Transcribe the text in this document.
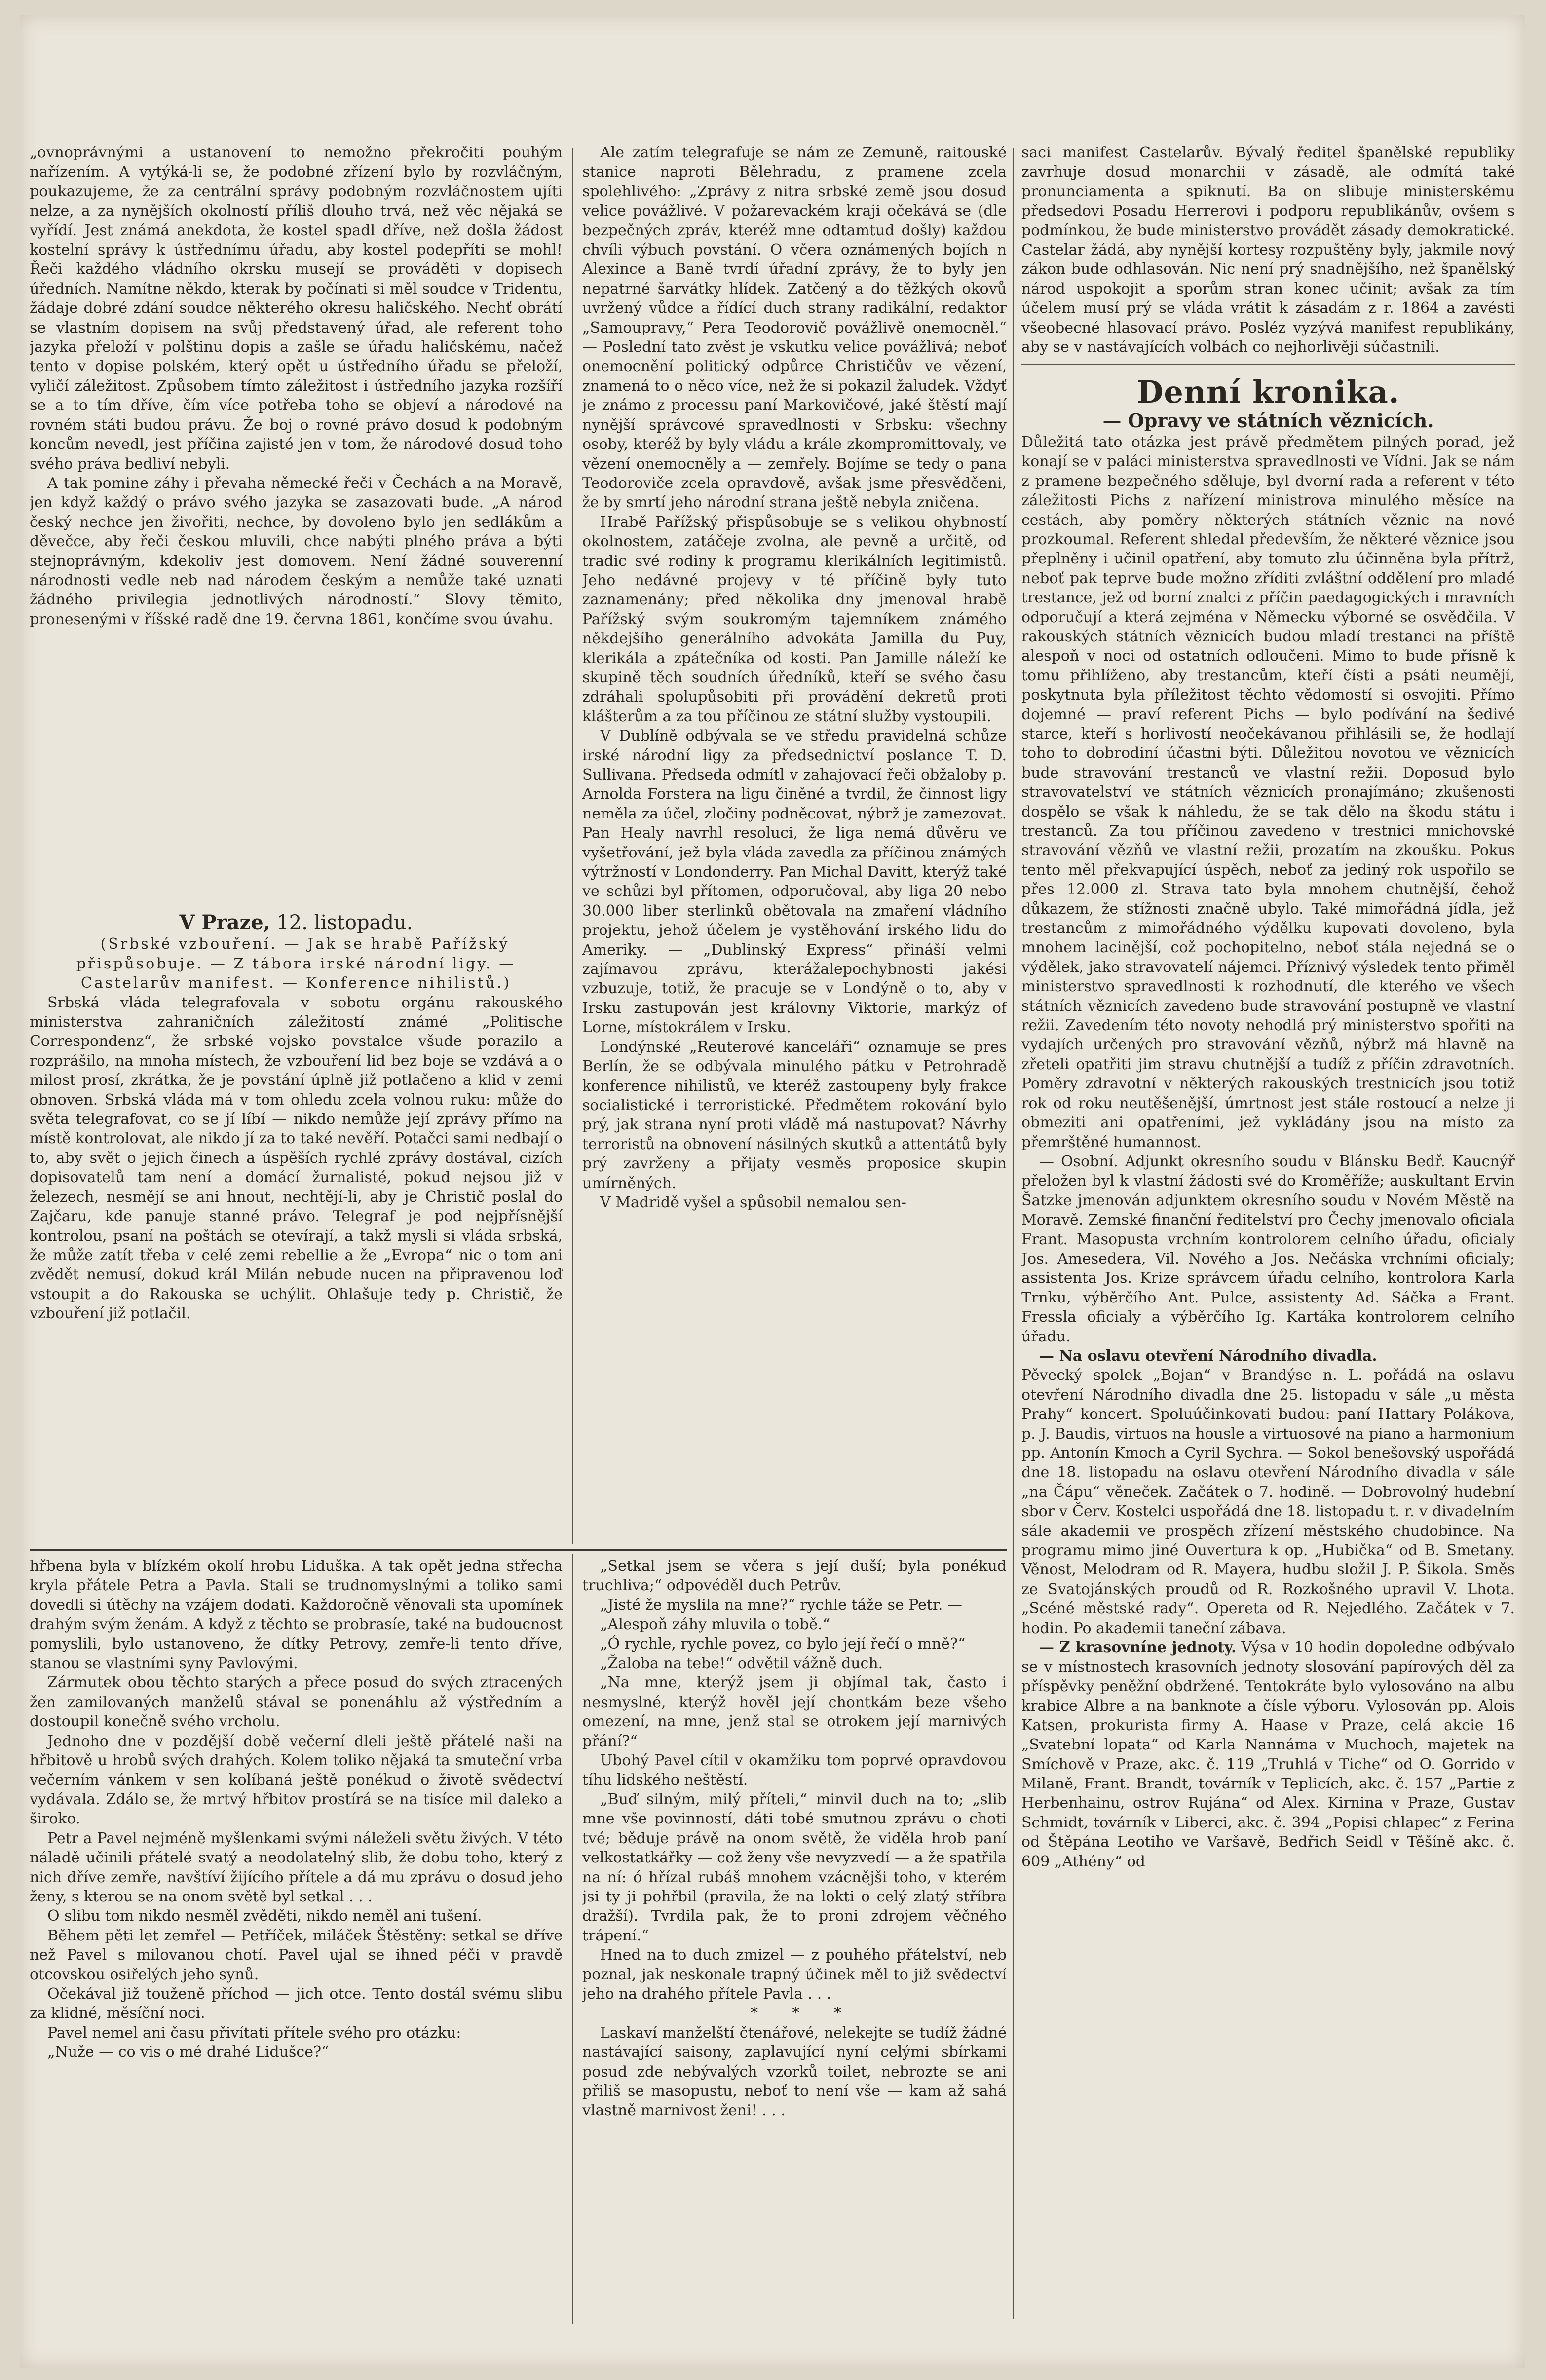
„ovnoprávnými a ustanovení to nemožno překročiti pouhým nařízením. A vytýká-li se, že podobné zřízení bylo by rozvláčným, poukazujeme, že za centrální správy podobným rozvláčnostem ujíti nelze, a za nynějších okolností příliš dlouho trvá, než věc nějaká se vyřídí. Jest známá anekdota, že kostel spadl dříve, než došla žádost kostelní správy k ústřednímu úřadu, aby kostel podepříti se mohl! Řeči každého vládního okrsku musejí se prováděti v dopisech úředních. Namítne někdo, kterak by počínati si měl soudce v Tridentu, žádaje dobré zdání soudce některého okresu haličského. Nechť obrátí se vlastním dopisem na svůj představený úřad, ale referent toho jazyka přeloží v polštinu dopis a zašle se úřadu haličskému, načež tento v dopise polském, který opět u ústředního úřadu se přeloží, vyličí záležitost. Způsobem tímto záležitost i ústředního jazyka rozšíří se a to tím dříve, čím více potřeba toho se objeví a národové na rovném státi budou právu. Že boj o rovné právo dosud k podobným koncům nevedl, jest příčina zajisté jen v tom, že národové dosud toho svého práva bedliví nebyli.

A tak pomine záhy i převaha německé řeči v Čechách a na Moravě, jen když každý o právo svého jazyka se zasazovati bude. „A národ český nechce jen živořiti, nechce, by dovoleno bylo jen sedlákům a děvečce, aby řeči českou mluvili, chce nabýti plného práva a býti stejnoprávným, kdekoliv jest domovem. Není žádné souverenní národnosti vedle neb nad národem českým a nemůže také uznati žádného privilegia jednotlivých národností.“ Slovy těmito, pronesenými v říšské radě dne 19. června 1861, končíme svou úvahu.

V Praze, 12. listopadu.

(Srbské vzbouření. — Jak se hrabě Pařížský přispůsobuje. — Z tábora irské národní ligy. — Castelarův manifest. — Konference nihilistů.)

Srbská vláda telegrafovala v sobotu orgánu rakouského ministerstva zahraničních záležitostí známé „Politische Correspondenz“, že srbské vojsko povstalce všude porazilo a rozprášilo, na mnoha místech, že vzbouření lid bez boje se vzdává a o milost prosí, zkrátka, že je povstání úplně již potlačeno a klid v zemi obnoven. Srbská vláda má v tom ohledu zcela volnou ruku: může do světa telegrafovat, co se jí líbí — nikdo nemůže její zprávy přímo na místě kontrolovat, ale nikdo jí za to také nevěří. Potačci sami nedbají o to, aby svět o jejich činech a úspěších rychlé zprávy dostával, cizích dopisovatelů tam není a domácí žurnalisté, pokud nejsou již v železech, nesmějí se ani hnout, nechtějí-li, aby je Christič poslal do Zajčaru, kde panuje stanné právo. Telegraf je pod nejpřísnější kontrolou, psaní na poštách se otevírají, a takž mysli si vláda srbská, že může zatít třeba v celé zemi rebellie a že „Evropa“ nic o tom ani zvědět nemusí, dokud král Milán nebude nucen na připravenou loď vstoupit a do Rakouska se uchýlit. Ohlašuje tedy p. Christič, že vzbouření již potlačil.

Ale zatím telegrafuje se nám ze Zemuně, raitouské stanice naproti Bělehradu, z pramene zcela spolehlivého: „Zprávy z nitra srbské země jsou dosud velice povážlivé. V požarevackém kraji očekává se (dle bezpečných zpráv, kteréž mne odtamtud došly) každou chvíli výbuch povstání. O včera oznámených bojích n Alexince a Baně tvrdí úřadní zprávy, že to byly jen nepatrné šarvátky hlídek. Zatčený a do těžkých okovů uvržený vůdce a řídící duch strany radikální, redaktor „Samoupravy,“ Pera Teodorovič povážlivě onemocněl.“ — Poslední tato zvěst je vskutku velice povážlivá; neboť onemocnění politický odpůrce Christičův ve vězení, znamená to o něco více, než že si pokazil žaludek. Vždyť je známo z processu paní Markovičové, jaké štěstí mají nynější správcové spravedlnosti v Srbsku: všechny osoby, kteréž by byly vládu a krále zkompromittovaly, ve vězení onemocněly a — zemřely. Bojíme se tedy o pana Teodoroviče zcela opravdově, avšak jsme přesvědčeni, že by smrtí jeho národní strana ještě nebyla zničena.

Hrabě Pařížský přispůsobuje se s velikou ohybností okolnostem, zatáčeje zvolna, ale pevně a určitě, od tradic své rodiny k programu klerikálních legitimistů. Jeho nedávné projevy v té příčině byly tuto zaznamenány; před několika dny jmenoval hrabě Pařížský svým soukromým tajemníkem známého někdejšího generálního advokáta Jamilla du Puy, klerikála a zpátečníka od kosti. Pan Jamille náleží ke skupině těch soudních úředníků, kteří se svého času zdráhali spolupůsobiti při provádění dekretů proti klášterům a za tou příčinou ze státní služby vystoupili.

V Dublíně odbývala se ve středu pravidelná schůze irské národní ligy za předsednictví poslance T. D. Sullivana. Předseda odmítl v zahajovací řeči obžaloby p. Arnolda Forstera na ligu činěné a tvrdil, že činnost ligy neměla za účel, zločiny podněcovat, nýbrž je zamezovat. Pan Healy navrhl resoluci, že liga nemá důvěru ve vyšetřování, jež byla vláda zavedla za příčinou známých výtržností v Londonderry. Pan Michal Davitt, kterýž také ve schůzi byl přítomen, odporučoval, aby liga 20 nebo 30.000 liber sterlinků obětovala na zmaření vládního projektu, jehož účelem je vystěhování irského lidu do Ameriky. — „Dublinský Express“ přináší velmi zajímavou zprávu, kterážalepochybnosti jakési vzbuzuje, totiž, že pracuje se v Londýně o to, aby v Irsku zastupován jest královny Viktorie, markýz of Lorne, místokrálem v Irsku.

Londýnské „Reuterové kanceláři“ oznamuje se pres Berlín, že se odbývala minulého pátku v Petrohradě konference nihilistů, ve kteréž zastoupeny byly frakce socialistické i terroristické. Předmětem rokování bylo prý, jak strana nyní proti vládě má nastupovat? Návrhy terroristů na obnovení násilných skutků a attentátů byly prý zavrženy a přijaty vesměs proposice skupin umírněných.

V Madridě vyšel a spůsobil nemalou sen-

saci manifest Castelarův. Bývalý ředitel španělské republiky zavrhuje dosud monarchii v zásadě, ale odmítá také pronunciamenta a spiknutí. Ba on slibuje ministerskému předsedovi Posadu Herrerovi i podporu republikánův, ovšem s podmínkou, že bude ministerstvo provádět zásady demokratické. Castelar žádá, aby nynější kortesy rozpuštěny byly, jakmile nový zákon bude odhlasován. Nic není prý snadnějšího, než španělský národ uspokojit a sporům stran konec učinit; avšak za tím účelem musí prý se vláda vrátit k zásadám z r. 1864 a zavésti všeobecné hlasovací právo. Posléz vyzývá manifest republikány, aby se v nastávajících volbách co nejhorlivěji súčastnili.

Denní kronika.
— Opravy ve státních věznicích.

Důležitá tato otázka jest právě předmětem pilných porad, jež konají se v paláci ministerstva spravedlnosti ve Vídni. Jak se nám z pramene bezpečného sděluje, byl dvorní rada a referent v této záležitosti Pichs z nařízení ministrova minulého měsíce na cestách, aby poměry některých státních věznic na nové prozkoumal. Referent shledal především, že některé věznice jsou přeplněny i učinil opatření, aby tomuto zlu účinněna byla přítrž, neboť pak teprve bude možno zříditi zvláštní oddělení pro mladé trestance, jež od borní znalci z příčin paedagogických i mravních odporučují a která zejména v Německu výborné se osvědčila. V rakouských státních věznicích budou mladí trestanci na příště alespoň v noci od ostatních odloučeni. Mimo to bude přísně k tomu přihlíženo, aby trestancům, kteří čísti a psáti neumějí, poskytnuta byla příležitost těchto vědomostí si osvojiti. Přímo dojemné — praví referent Pichs — bylo podívání na šedivé starce, kteří s horlivostí neočekávanou přihlásili se, že hodlají toho to dobrodiní účastni býti. Důležitou novotou ve věznicích bude stravování trestanců ve vlastní režii. Doposud bylo stravovatelství ve státních věznicích pronajímáno; zkušenosti dospělo se však k náhledu, že se tak dělo na škodu státu i trestanců. Za tou příčinou zavedeno v trestnici mnichovské stravování vězňů ve vlastní režii, prozatím na zkoušku. Pokus tento měl překvapující úspěch, neboť za jediný rok uspořilo se přes 12.000 zl. Strava tato byla mnohem chutnější, čehož důkazem, že stížnosti značně ubylo. Také mimořádná jídla, jež trestancům z mimořádného výdělku kupovati dovoleno, byla mnohem lacinější, což pochopitelno, neboť stála nejedná se o výdělek, jako stravovatelí nájemci. Příznivý výsledek tento přiměl ministerstvo spravedlnosti k rozhodnutí, dle kterého ve všech státních věznicích zavedeno bude stravování postupně ve vlastní režii. Zavedením této novoty nehodlá prý ministerstvo spořiti na vydajích určených pro stravování vězňů, nýbrž má hlavně na zřeteli opatřiti jim stravu chutnější a tudíž z příčin zdravotních. Poměry zdravotní v některých rakouských trestnicích jsou totiž rok od roku neutěšenější, úmrtnost jest stále rostoucí a nelze ji obmeziti ani opatřeními, jež vykládány jsou na místo za přemrštěné humannost.

— Osobní. Adjunkt okresního soudu v Blánsku Bedř. Kaucnýř přeložen byl k vlastní žádosti své do Kroměříže; auskultant Ervin Šatzke jmenován adjunktem okresního soudu v Novém Městě na Moravě. Zemské finanční ředitelství pro Čechy jmenovalo oficiala Frant. Masopusta vrchním kontrolorem celního úřadu, oficialy Jos. Amesedera, Vil. Nového a Jos. Nečáska vrchními oficialy; assistenta Jos. Krize správcem úřadu celního, kontrolora Karla Trnku, výběrčího Ant. Pulce, assistenty Ad. Sáčka a Frant. Fressla oficialy a výběrčího Ig. Kartáka kontrolorem celního úřadu.

— Na oslavu otevření Národního divadla.

Pěvecký spolek „Bojan“ v Brandýse n. L. pořádá na oslavu otevření Národního divadla dne 25. listopadu v sále „u města Prahy“ koncert. Spoluúčinkovati budou: paní Hattary Polákova, p. J. Baudis, virtuos na housle a virtuosové na piano a harmonium pp. Antonín Kmoch a Cyril Sychra. — Sokol benešovský uspořádá dne 18. listopadu na oslavu otevření Národního divadla v sále „na Čápu“ věneček. Začátek o 7. hodině. — Dobrovolný hudební sbor v Červ. Kostelci uspořádá dne 18. listopadu t. r. v divadelním sále akademii ve prospěch zřízení městského chudobince. Na programu mimo jiné Ouvertura k op. „Hubička“ od B. Smetany. Věnost, Melodram od R. Mayera, hudbu složil J. P. Šikola. Směs ze Svatojánských proudů od R. Rozkošného upravil V. Lhota. „Scéné městské rady“. Opereta od R. Nejedlého. Začátek v 7. hodin. Po akademii taneční zábava.

— Z krasovníne jednoty. Výsa v 10 hodin dopoledne odbývalo se v místnostech krasovních jednoty slosování papírových děl za příspěvky peněžní obdržené. Tentokráte bylo vylosováno na albu krabice Albre a na banknote a čísle výboru. Vylosován pp. Alois Katsen, prokurista firmy A. Haase v Praze, celá akcie 16 „Svatební lopata“ od Karla Nannáma v Muchoch, majetek na Smíchově v Praze, akc. č. 119 „Truhlá v Tiche“ od O. Gorrido v Milaně, Frant. Brandt, továrník v Teplicích, akc. č. 157 „Partie z Herbenhainu, ostrov Rujána“ od Alex. Kirnina v Praze, Gustav Schmidt, továrník v Liberci, akc. č. 394 „Popisi chlapec“ z Ferina od Štěpána Leotiho ve Varšavě, Bedřich Seidl v Těšíně akc. č. 609 „Athény“ od

hřbena byla v blízkém okolí hrobu Liduška. A tak opět jedna střecha kryla přátele Petra a Pavla. Stali se trudnomyslnými a toliko sami dovedli si útěchy na vzájem dodati. Každoročně věnovali sta upomínek drahým svým ženám. A když z těchto se probrasíe, také na budoucnost pomyslili, bylo ustanoveno, že dítky Petrovy, zemře-li tento dříve, stanou se vlastními syny Pavlovými.

Zármutek obou těchto starých a přece posud do svých ztracených žen zamilovaných manželů stával se ponenáhlu až výstředním a dostoupil konečně svého vrcholu.

Jednoho dne v pozdější době večerní dleli ještě přátelé naši na hřbitově u hrobů svých drahých. Kolem toliko nějaká ta smuteční vrba večerním vánkem v sen kolíbaná ještě ponékud o životě svědectví vydávala. Zdálo se, že mrtvý hřbitov prostírá se na tisíce mil daleko a široko.

Petr a Pavel nejméně myšlenkami svými náleželi světu živých. V této náladě učinili přátelé svatý a neodolatelný slib, že dobu toho, který z nich dříve zemře, navštíví žijícího přítele a dá mu zprávu o dosud jeho ženy, s kterou se na onom světě byl setkal . . .

O slibu tom nikdo nesměl zvěděti, nikdo neměl ani tušení.

Během pěti let zemřel — Petříček, miláček Štěstěny: setkal se dříve než Pavel s milovanou chotí. Pavel ujal se ihned péči v pravdě otcovskou osiřelých jeho synů.

Očekával již touženě příchod — jich otce. Tento dostál svému slibu za klidné, měsíční noci.

Pavel nemel ani času přivítati přítele svého pro otázku:

„Nuže — co vis o mé drahé Lidušce?“

„Setkal jsem se včera s její duší; byla ponékud truchliva;“ odpovéděl duch Petrův.

„Jisté že myslila na mne?“ rychle táže se Petr. —

„Alespoň záhy mluvila o tobě.“

„Ó rychle, rychle povez, co bylo její řečí o mně?“

„Žaloba na tebe!“ odvětil vážně duch.

„Na mne, kterýž jsem ji objímal tak, často i nesmyslné, kterýž hověl její chontkám beze všeho omezení, na mne, jenž stal se otrokem její marnivých přání?“

Ubohý Pavel cítil v okamžiku tom poprvé opravdovou tíhu lidského neštěstí.

„Buď silným, milý příteli,“ minvil duch na to; „slib mne vše povinností, dáti tobé smutnou zprávu o choti tvé; běduje právě na onom světě, že viděla hrob paní velkostatkářky — což ženy vše nevyzvedí — a že spatřila na ní: ó hřízal rubáš mnohem vzácnějši toho, v kterém jsi ty ji pohřbil (pravila, že na lokti o celý zlatý stříbra dražší). Tvrdila pak, že to proni zdrojem věčného trápení.“

Hned na to duch zmizel — z pouhého přátelství, neb poznal, jak neskonale trapný účinek měl to již svědectví jeho na drahého přítele Pavla . . .

* * *

Laskaví manželští čtenářové, nelekejte se tudíž žádné nastávající saisony, zaplavující nyní celými sbírkami posud zde nebývalých vzorků toilet, nebrozte se ani přiliš se masopustu, neboť to není vše — kam až sahá vlastně marnivost ženi! . . .
